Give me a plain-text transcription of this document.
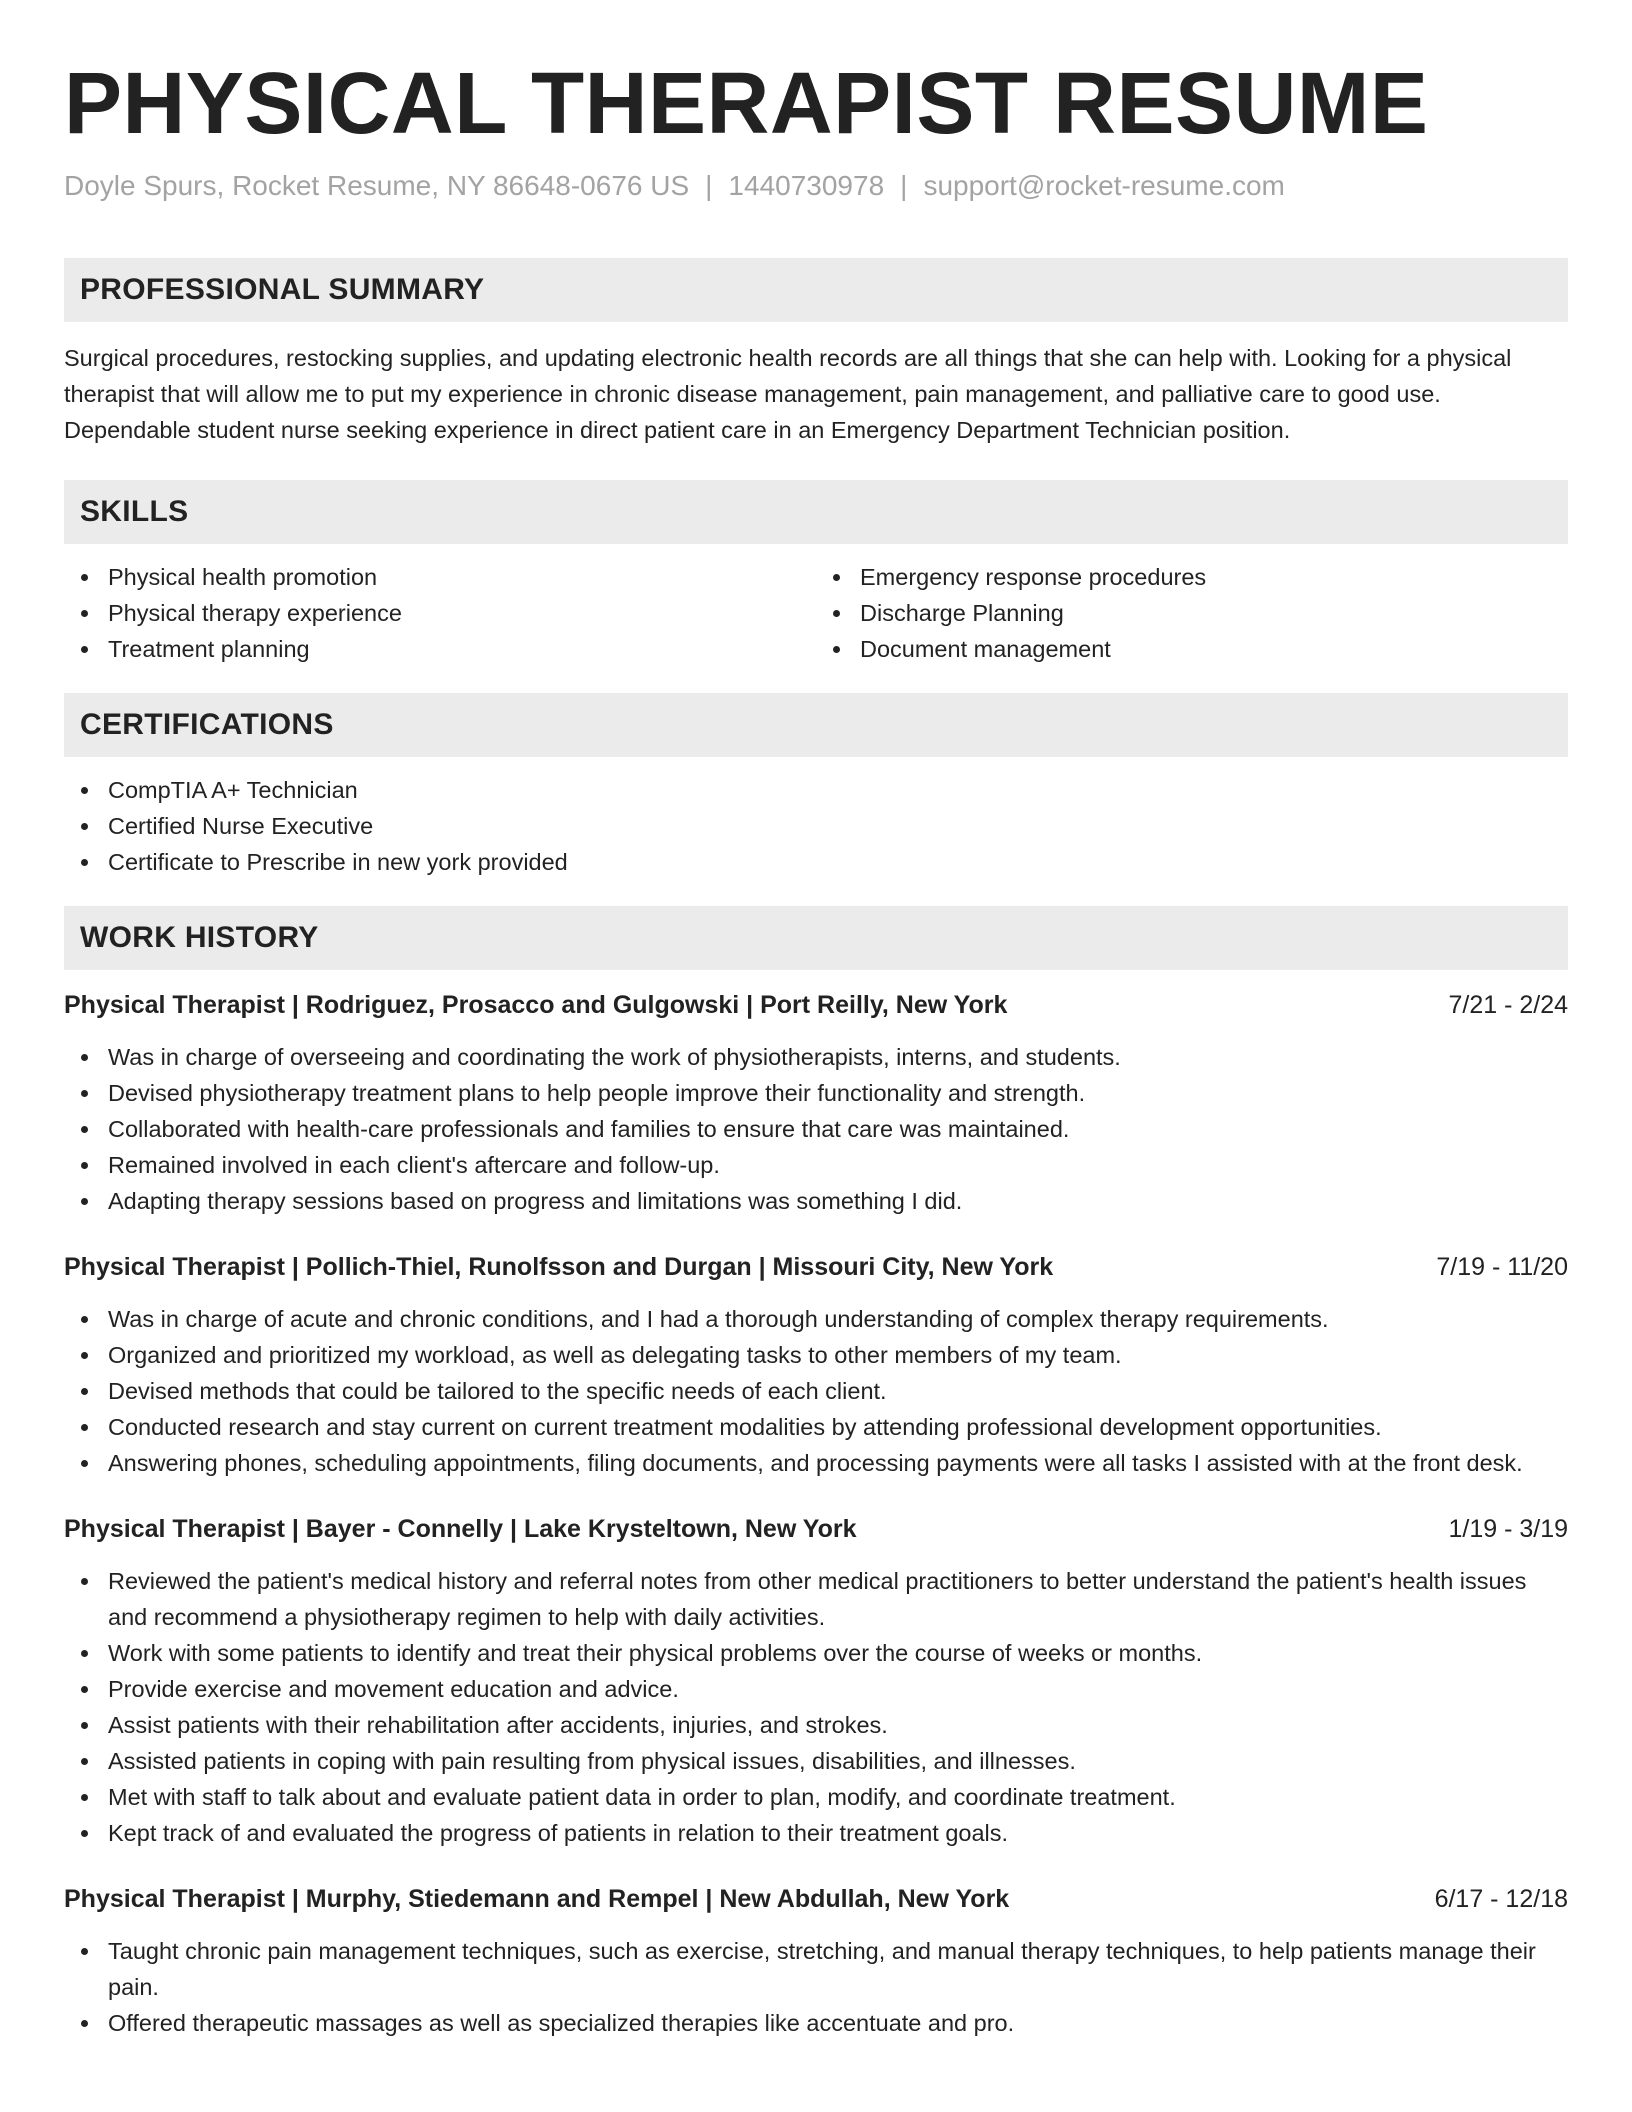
PHYSICAL THERAPIST RESUME
Doyle Spurs, Rocket Resume, NY 86648-0676 US | 1440730978 | support@rocket-resume.com
PROFESSIONAL SUMMARY

Surgical procedures, restocking supplies, and updating electronic health records are all things that she can help with. Looking for a physical therapist that will allow me to put my experience in chronic disease management, pain management, and palliative care to good use. Dependable student nurse seeking experience in direct patient care in an Emergency Department Technician position.

SKILLS
Physical health promotion
Physical therapy experience
Treatment planning
Emergency response procedures
Discharge Planning
Document management
CERTIFICATIONS
CompTIA A+ Technician
Certified Nurse Executive
Certificate to Prescribe in new york provided
WORK HISTORY
Physical Therapist | Rodriguez, Prosacco and Gulgowski | Port Reilly, New York	7/21 - 2/24
Was in charge of overseeing and coordinating the work of physiotherapists, interns, and students.
Devised physiotherapy treatment plans to help people improve their functionality and strength.
Collaborated with health-care professionals and families to ensure that care was maintained.
Remained involved in each client's aftercare and follow-up.
Adapting therapy sessions based on progress and limitations was something I did.
Physical Therapist | Pollich-Thiel, Runolfsson and Durgan | Missouri City, New York	7/19 - 11/20
Was in charge of acute and chronic conditions, and I had a thorough understanding of complex therapy requirements.
Organized and prioritized my workload, as well as delegating tasks to other members of my team.
Devised methods that could be tailored to the specific needs of each client.
Conducted research and stay current on current treatment modalities by attending professional development opportunities.
Answering phones, scheduling appointments, filing documents, and processing payments were all tasks I assisted with at the front desk.
Physical Therapist | Bayer - Connelly | Lake Krysteltown, New York	1/19 - 3/19
Reviewed the patient's medical history and referral notes from other medical practitioners to better understand the patient's health issues and recommend a physiotherapy regimen to help with daily activities.
Work with some patients to identify and treat their physical problems over the course of weeks or months.
Provide exercise and movement education and advice.
Assist patients with their rehabilitation after accidents, injuries, and strokes.
Assisted patients in coping with pain resulting from physical issues, disabilities, and illnesses.
Met with staff to talk about and evaluate patient data in order to plan, modify, and coordinate treatment.
Kept track of and evaluated the progress of patients in relation to their treatment goals.
Physical Therapist | Murphy, Stiedemann and Rempel | New Abdullah, New York	6/17 - 12/18
Taught chronic pain management techniques, such as exercise, stretching, and manual therapy techniques, to help patients manage their pain.
Offered therapeutic massages as well as specialized therapies like accentuate and pro.
